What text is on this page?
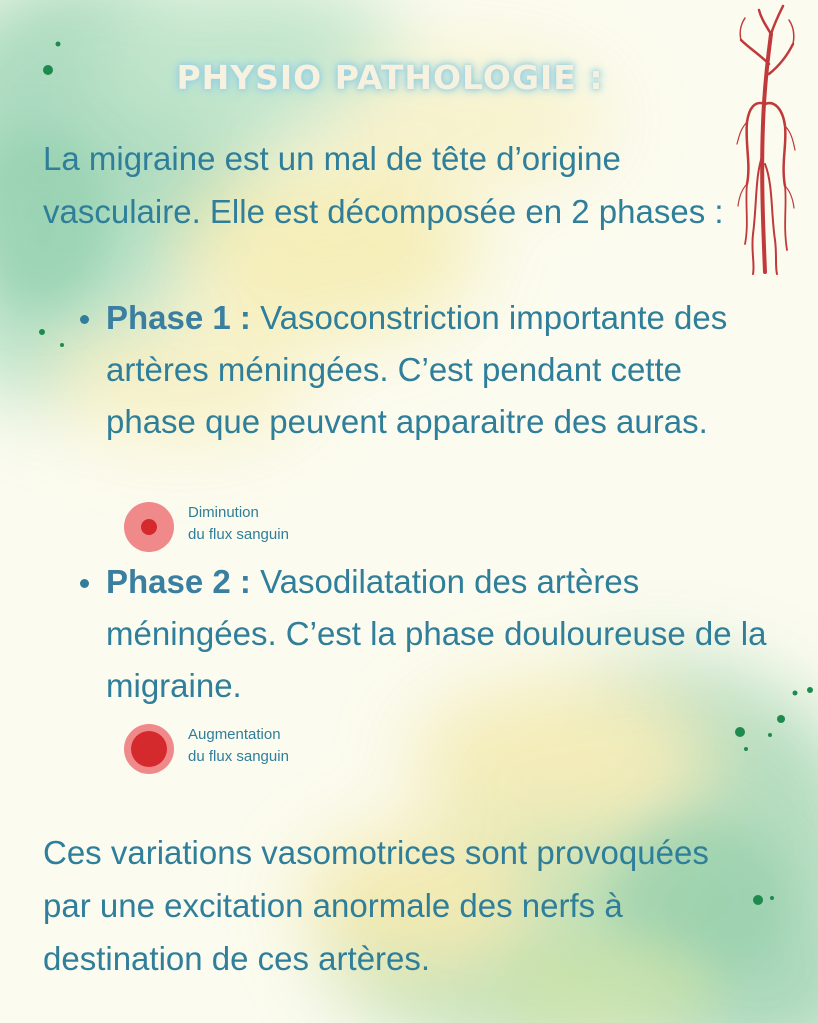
PHYSIO PATHOLOGIE :

La migraine est un mal de tête d’origine vasculaire. Elle est décomposée en 2 phases :

Phase 1 : Vasoconstriction importante des artères méningées. C’est pendant cette phase que peuvent apparaitre des auras.

Diminution
du flux sanguin

Phase 2 : Vasodilatation des artères méningées. C’est la phase douloureuse de la migraine.

Augmentation
du flux sanguin

Ces variations vasomotrices sont provoquées par une excitation anormale des nerfs à destination de ces artères.
